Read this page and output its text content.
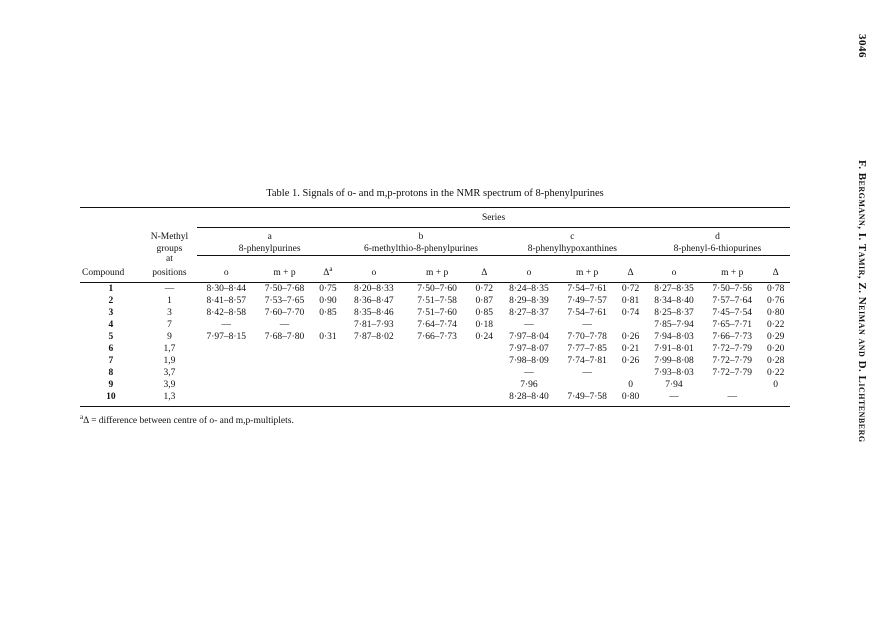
3046
F. Bergmann, I. Tamir, Z. Neiman and D. Lichtenberg
Table 1. Signals of o- and m,p-protons in the NMR spectrum of 8-phenylpurines
		Series											
Compound	N-Methyl	a			b			c			d		
	groups	8-phenylpurines			6-methylthio-8-phenylpurines			8-phenylhypoxanthines			8-phenyl-6-thiopurines		
	at												
	positions	o	m + p	$\Delta^a$	o	m + p	Δ	o	m + p	Δ	o	m + p	Δ

1	—	8·30–8·44	7·50–7·68	0·75	8·20–8·33	7·50–7·60	0·72	8·24–8·35	7·54–7·61	0·72	8·27–8·35	7·50–7·56	0·78
2	1	8·41–8·57	7·53–7·65	0·90	8·36–8·47	7·51–7·58	0·87	8·29–8·39	7·49–7·57	0·81	8·34–8·40	7·57–7·64	0·76
3	3	8·42–8·58	7·60–7·70	0·85	8·35–8·46	7·51–7·60	0·85	8·27–8·37	7·54–7·61	0·74	8·25–8·37	7·45–7·54	0·80
4	7	—	—		7·81–7·93	7·64–7·74	0·18	—	—		7·85–7·94	7·65–7·71	0·22
5	9	7·97–8·15	7·68–7·80	0·31	7·87–8·02	7·66–7·73	0·24	7·97–8·04	7·70–7·78	0·26	7·94–8·03	7·66–7·73	0·29
6	1,7							7·97–8·07	7·77–7·85	0·21	7·91–8·01	7·72–7·79	0·20
7	1,9							7·98–8·09	7·74–7·81	0·26	7·99–8·08	7·72–7·79	0·28
8	3,7							—	—		7·93–8·03	7·72–7·79	0·22
9	3,9							7·96		0	7·94		0
10	1,3							8·28–8·40	7·49–7·58	0·80	—	—	
$^a$Δ = difference between centre of o- and m,p-multiplets.
